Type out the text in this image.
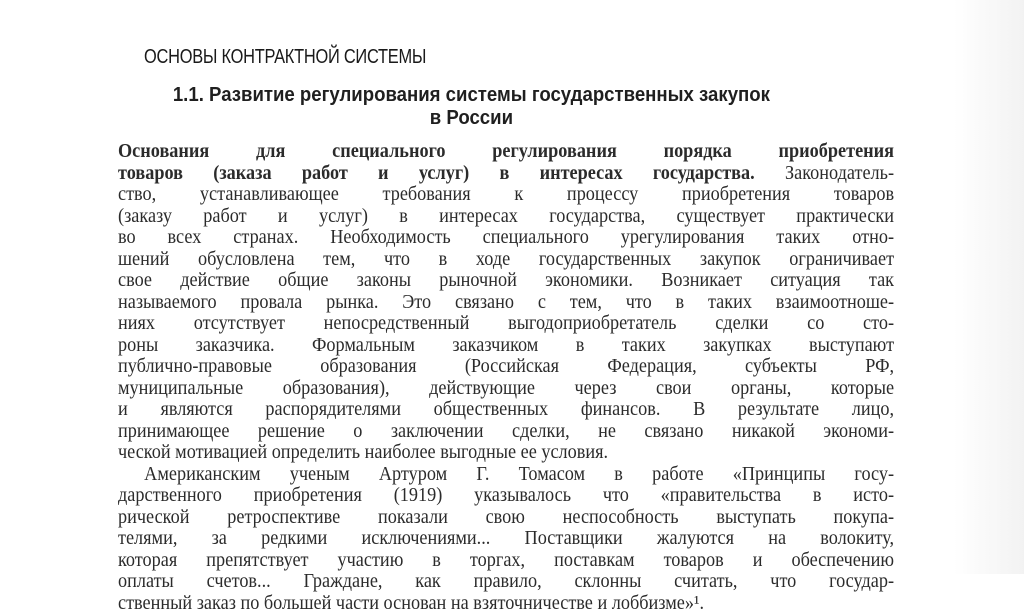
ОСНОВЫ КОНТРАКТНОЙ СИСТЕМЫ
1.1. Развитие регулирования системы государственных закупок
в России
Основания для специального регулирования порядка приобретения
товаров (заказа работ и услуг) в интересах государства. Законодатель-
ство, устанавливающее требования к процессу приобретения товаров
(заказу работ и услуг) в интересах государства, существует практически
во всех странах. Необходимость специального урегулирования таких отно-
шений обусловлена тем, что в ходе государственных закупок ограничивает
свое действие общие законы рыночной экономики. Возникает ситуация так
называемого провала рынка. Это связано с тем, что в таких взаимоотноше-
ниях отсутствует непосредственный выгодоприобретатель сделки со сто-
роны заказчика. Формальным заказчиком в таких закупках выступают
публично-правовые образования (Российская Федерация, субъекты РФ,
муниципальные образования), действующие через свои органы, которые
и являются распорядителями общественных финансов. В результате лицо,
принимающее решение о заключении сделки, не связано никакой экономи-
ческой мотивацией определить наиболее выгодные ее условия.
Американским ученым Артуром Г. Томасом в работе «Принципы госу-
дарственного приобретения (1919) указывалось что «правительства в исто-
рической ретроспективе показали свою неспособность выступать покупа-
телями, за редкими исключениями... Поставщики жалуются на волокиту,
которая препятствует участию в торгах, поставкам товаров и обеспечению
оплаты счетов... Граждане, как правило, склонны считать, что государ-
ственный заказ по большей части основан на взяточничестве и лоббизме»¹.
